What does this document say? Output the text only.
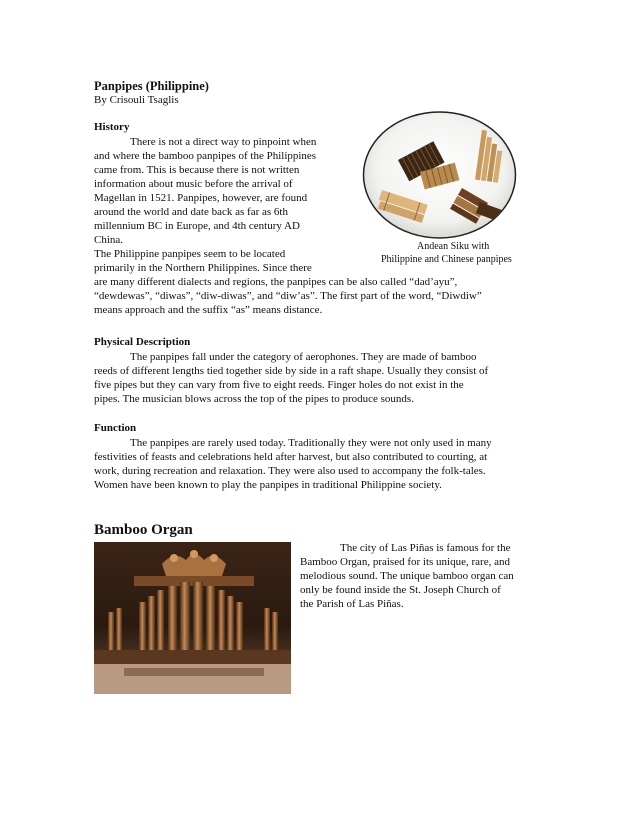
Panpipes (Philippine)
By Crisouli Tsaglis
History
There is not a direct way to pinpoint when
and where the bamboo panpipes of the Philippines
came from. This is because there is not written
information about music before the arrival of
Magellan in 1521. Panpipes, however, are found
around the world and date back as far as 6th
millennium BC in Europe, and 4th century AD
China.
The Philippine panpipes seem to be located
primarily in the Northern Philippines. Since there
are many different dialects and regions, the panpipes can be also called “dad’ayu”,
“dewdewas”, “diwas”, “diw-diwas”, and “diw’as”. The first part of the word, “Diwdiw”
means approach and the suffix “as” means distance.
Andean Siku with
Philippine and Chinese panpipes
Physical Description
The panpipes fall under the category of aerophones. They are made of bamboo
reeds of different lengths tied together side by side in a raft shape. Usually they consist of
five pipes but they can vary from five to eight reeds. Finger holes do not exist in the
pipes. The musician blows across the top of the pipes to produce sounds.
Function
The panpipes are rarely used today. Traditionally they were not only used in many
festivities of feasts and celebrations held after harvest, but also contributed to courting, at
work, during recreation and relaxation. They were also used to accompany the folk-tales.
Women have been known to play the panpipes in traditional Philippine society.
Bamboo Organ
The city of Las Piñas is famous for the
Bamboo Organ, praised for its unique, rare, and
melodious sound. The unique bamboo organ can
only be found inside the St. Joseph Church of
the Parish of Las Piñas.
